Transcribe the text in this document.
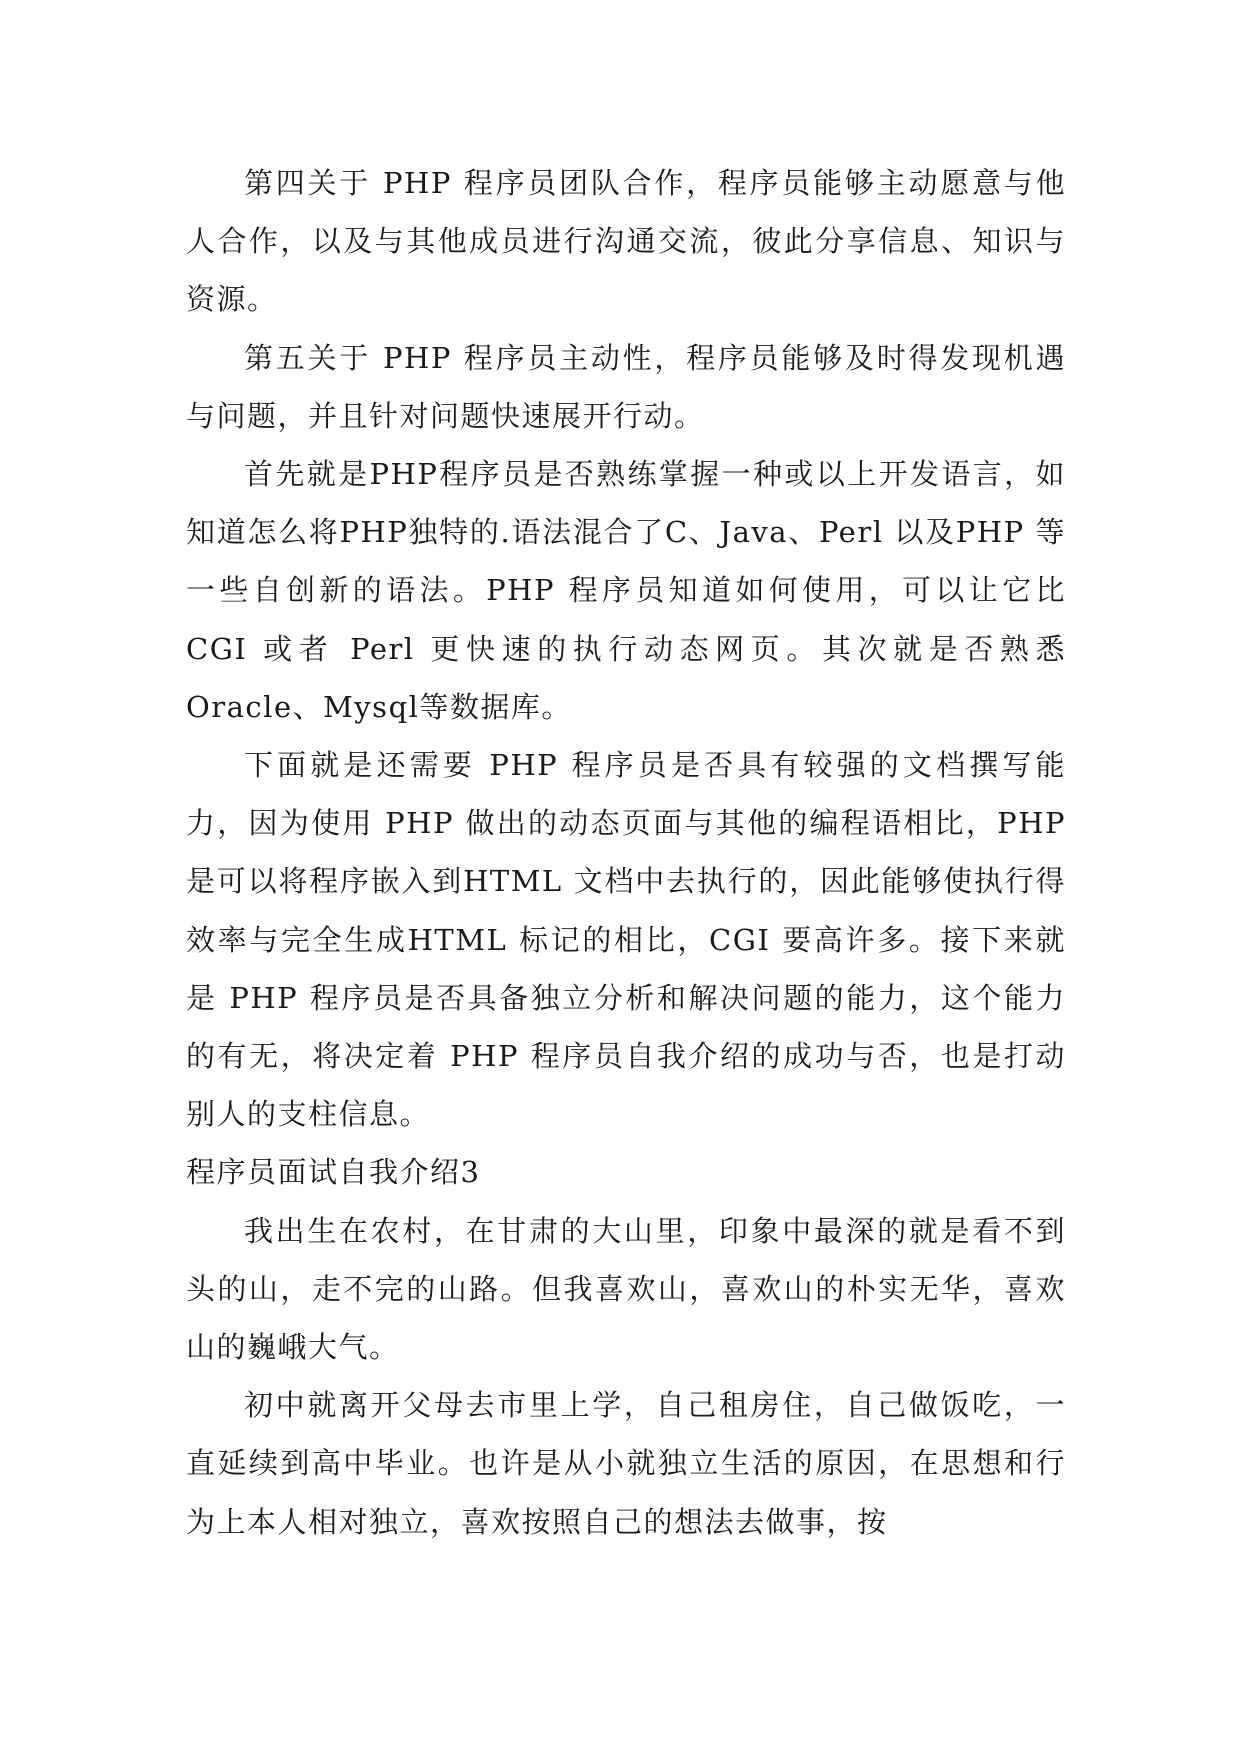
第四关于 PHP 程序员团队合作，程序员能够主动愿意与他人合作，以及与其他成员进行沟通交流，彼此分享信息、知识与资源。

第五关于 PHP 程序员主动性，程序员能够及时得发现机遇与问题，并且针对问题快速展开行动。

首先就是PHP程序员是否熟练掌握一种或以上开发语言，如知道怎么将PHP独特的.语法混合了C、Java、Perl 以及PHP 等一些自创新的语法。PHP 程序员知道如何使用，可以让它比 CGI 或者 Perl 更快速的执行动态网页。其次就是否熟悉Oracle、Mysql等数据库。

下面就是还需要 PHP 程序员是否具有较强的文档撰写能力，因为使用 PHP 做出的动态页面与其他的编程语相比，PHP 是可以将程序嵌入到HTML 文档中去执行的，因此能够使执行得效率与完全生成HTML 标记的相比，CGI 要高许多。接下来就是 PHP 程序员是否具备独立分析和解决问题的能力，这个能力的有无，将决定着 PHP 程序员自我介绍的成功与否，也是打动别人的支柱信息。

程序员面试自我介绍3

我出生在农村，在甘肃的大山里，印象中最深的就是看不到头的山，走不完的山路。但我喜欢山，喜欢山的朴实无华，喜欢山的巍峨大气。

初中就离开父母去市里上学，自己租房住，自己做饭吃，一直延续到高中毕业。也许是从小就独立生活的原因，在思想和行为上本人相对独立，喜欢按照自己的想法去做事，按
